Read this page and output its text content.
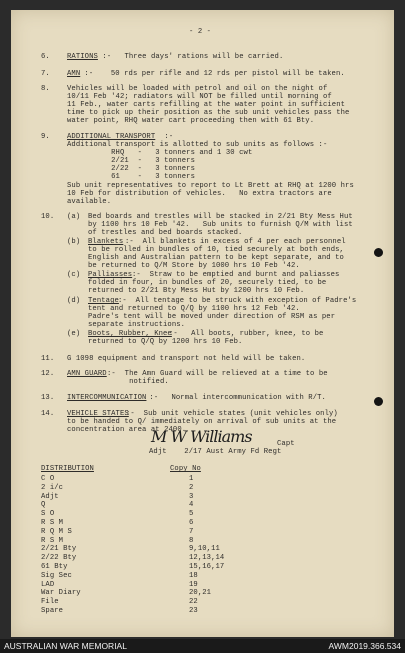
- 2 -
6. RATIONS :-   Three days' rations will be carried.
7. AMN :-    50 rds per rifle and 12 rds per pistol will be taken.
8. Vehicles will be loaded with petrol and oil on the night of
10/11 Feb '42; radiators will NOT be filled until morning of
11 Feb., water carts refilling at the water point in sufficient
time to pick up their position as the sub unit vehicles pass the
water point, RHQ water cart proceeding then with 61 Bty.
9. ADDITIONAL TRANSPORT :-
Additional transport is allotted to sub units as follows :-
RHQ   -   3 tonners and 1 30 cwt
2/21  -   3 tonners
2/22  -   3 tonners
61    -   3 tonners
Sub unit representatives to report to Lt Brett at RHQ at 1200 hrs
10 Feb for distribution of vehicles.   No extra tractors are
available.
10. (a) Bed boards and trestles will be stacked in 2/21 Bty Mess Hut
by 1100 hrs 10 Feb '42.   Sub units to furnish Q/M with list
of trestles and bed boards stacked.
(b) Blankets :-  All blankets in excess of 4 per each personnel
to be rolled in bundles of 10, tied securely at both ends,
English and Australian pattern to be kept separate, and to
be returned to Q/M Store by 1000 hrs 10 Feb '42.
(c) Palliasses :-  Straw to be emptied and burnt and paliasses
folded in four, in bundles of 20, securely tied, to be
returned to 2/21 Bty Mess Hut by 1200 hrs 10 Feb.
(d) Tentage :-  All tentage to be struck with exception of Padre's
tent and returned to Q/Q by 1100 hrs 12 Feb '42.
Padre's tent will be moved under direction of RSM as per
separate instructions.
(e) Boots, Rubber, Knee
:-   All boots, rubber, knee, to be
returned to Q/Q by 1200 hrs 10 Feb.
11. G 1098 equipment and transport not held will be taken.
12. AMN GUARD :-  The Amn Guard will be relieved at a time to be
notified.
13. INTERCOMMUNICATION
:-   Normal intercommunication with R/T.
14. VEHICLE STATES
:-  Sub unit vehicle states (unit vehicles only)
to be handed to Q/ immediately on arrival of sub units at the
concentration area at 2400.
M W Williams	Capt
Adjt    2/17 Aust Army Fd Regt
DISTRIBUTION	Copy No
C O	1
2 i/c	2
Adjt	3
Q	4
S O	5
R S M	6
R Q M S	7
R S M	8
2/21 Bty	9,10,11
2/22 Bty	12,13,14
61 Bty	15,16,17
Sig Sec	18
LAD	19
War Diary	20,21
File	22
Spare	23
AUSTRALIAN WAR MEMORIAL	AWM2019.366.534
